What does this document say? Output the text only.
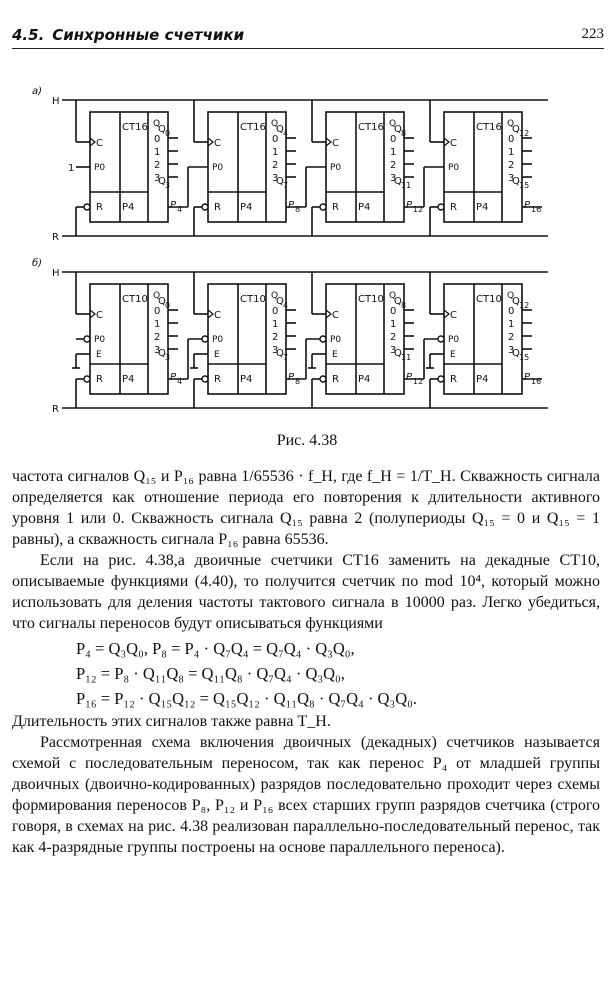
4.5. Синхронные счетчики	223
а)
H
R
CT16
C
P0
R P4
Q
0
1
2
3
Q 0
Q 3
P 4
1
CT16
C
P0
R P4
Q
0
1
2
3
Q 4
Q 7
P 8
CT16
C
P0
R P4
Q
0
1
2
3
Q 8
Q 11
P 12
CT16
C
P0
R P4
Q
0
1
2
3
Q 12
Q 15
P 16
б)
H
R
CT10
C
P0
E
R P4
Q
0
1
2
3
Q 0
Q 3
P 4
CT10
C
P0
E
R P4
Q
0
1
2
3
Q 4
Q 7
P 8
CT10
C
P0
E
R P4
Q
0
1
2
3
Q 8
Q 11
P 12
CT10
C
P0
E
R P4
Q
0
1
2
3
Q 12
Q 15
P 16
Рис. 4.38

частота сигналов Q₁₅ и P₁₆ равна 1/65536 · f_H, где f_H = 1/T_H. Скважность сигнала определяется как отношение периода его повторения к длительности активного уровня 1 или 0. Скважность сигнала Q₁₅ равна 2 (полупериоды Q₁₅ = 0 и Q₁₅ = 1 равны), а скважность сигнала P₁₆ равна 65536.

Если на рис. 4.38,а двоичные счетчики CT16 заменить на декадные CT10, описываемые функциями (4.40), то получится счетчик по mod 10⁴, который можно использовать для деления частоты тактового сигнала в 10000 раз. Легко убедиться, что сигналы переносов будут описываться функциями

P₄ = Q₃Q₀, P₈ = P₄ · Q₇Q₄ = Q₇Q₄ · Q₃Q₀,
P₁₂ = P₈ · Q₁₁Q₈ = Q₁₁Q₈ · Q₇Q₄ · Q₃Q₀,
P₁₆ = P₁₂ · Q₁₅Q₁₂ = Q₁₅Q₁₂ · Q₁₁Q₈ · Q₇Q₄ · Q₃Q₀.

Длительность этих сигналов также равна T_H.

Рассмотренная схема включения двоичных (декадных) счетчиков называется схемой с последовательным переносом, так как перенос P₄ от младшей группы двоичных (двоично-кодированных) разрядов последовательно проходит через схемы формирования переносов P₈, P₁₂ и P₁₆ всех старших групп разрядов счетчика (строго говоря, в схемах на рис. 4.38 реализован параллельно-последовательный перенос, так как 4-разрядные группы построены на основе параллельного переноса).
